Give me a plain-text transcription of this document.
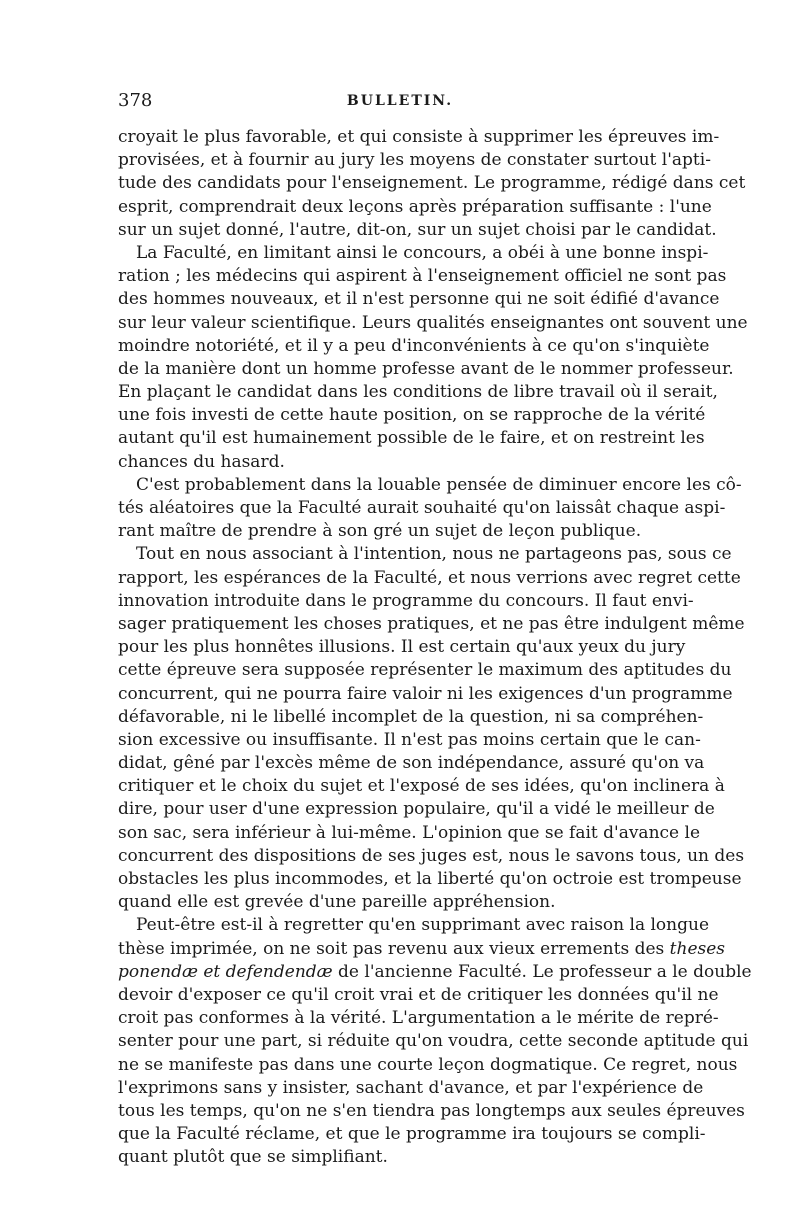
378	BULLETIN.
croyait le plus favorable, et qui consiste à supprimer les épreuves im-
provisées, et à fournir au jury les moyens de constater surtout l'apti-
tude des candidats pour l'enseignement. Le programme, rédigé dans cet
esprit, comprendrait deux leçons après préparation suffisante : l'une
sur un sujet donné, l'autre, dit-on, sur un sujet choisi par le candidat.
La Faculté, en limitant ainsi le concours, a obéi à une bonne inspi-
ration ; les médecins qui aspirent à l'enseignement officiel ne sont pas
des hommes nouveaux, et il n'est personne qui ne soit édifié d'avance
sur leur valeur scientifique. Leurs qualités enseignantes ont souvent une
moindre notoriété, et il y a peu d'inconvénients à ce qu'on s'inquiète
de la manière dont un homme professe avant de le nommer professeur.
En plaçant le candidat dans les conditions de libre travail où il serait,
une fois investi de cette haute position, on se rapproche de la vérité
autant qu'il est humainement possible de le faire, et on restreint les
chances du hasard.
C'est probablement dans la louable pensée de diminuer encore les cô-
tés aléatoires que la Faculté aurait souhaité qu'on laissât chaque aspi-
rant maître de prendre à son gré un sujet de leçon publique.
Tout en nous associant à l'intention, nous ne partageons pas, sous ce
rapport, les espérances de la Faculté, et nous verrions avec regret cette
innovation introduite dans le programme du concours. Il faut envi-
sager pratiquement les choses pratiques, et ne pas être indulgent même
pour les plus honnêtes illusions. Il est certain qu'aux yeux du jury
cette épreuve sera supposée représenter le maximum des aptitudes du
concurrent, qui ne pourra faire valoir ni les exigences d'un programme
défavorable, ni le libellé incomplet de la question, ni sa compréhen-
sion excessive ou insuffisante. Il n'est pas moins certain que le can-
didat, gêné par l'excès même de son indépendance, assuré qu'on va
critiquer et le choix du sujet et l'exposé de ses idées, qu'on inclinera à
dire, pour user d'une expression populaire, qu'il a vidé le meilleur de
son sac, sera inférieur à lui-même. L'opinion que se fait d'avance le
concurrent des dispositions de ses juges est, nous le savons tous, un des
obstacles les plus incommodes, et la liberté qu'on octroie est trompeuse
quand elle est grevée d'une pareille appréhension.
Peut-être est-il à regretter qu'en supprimant avec raison la longue
thèse imprimée, on ne soit pas revenu aux vieux errements des theses
ponendæ et defendendæ de l'ancienne Faculté. Le professeur a le double
devoir d'exposer ce qu'il croit vrai et de critiquer les données qu'il ne
croit pas conformes à la vérité. L'argumentation a le mérite de repré-
senter pour une part, si réduite qu'on voudra, cette seconde aptitude qui
ne se manifeste pas dans une courte leçon dogmatique. Ce regret, nous
l'exprimons sans y insister, sachant d'avance, et par l'expérience de
tous les temps, qu'on ne s'en tiendra pas longtemps aux seules épreuves
que la Faculté réclame, et que le programme ira toujours se compli-
quant plutôt que se simplifiant.
